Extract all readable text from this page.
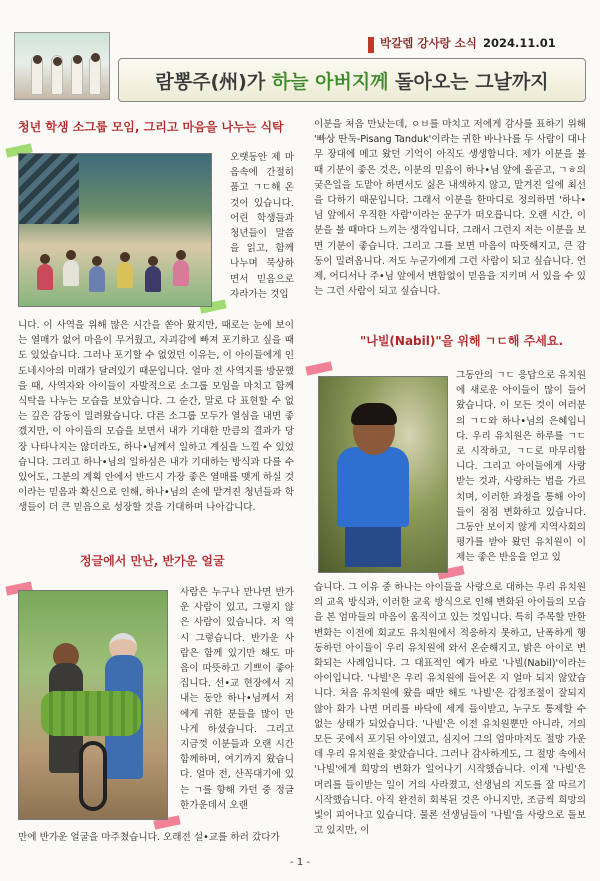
박갈렙 강사랑 소식 2024.11.01
람뽕주(州)가 하늘 아버지께 돌아오는 그날까지
청년 학생 소그룹 모임, 그리고 마음을 나누는 식탁
오랫동안 제 마음속에 간절히 품고 ㄱㄷ해 온 것이 있습니다. 어린 학생들과 청년들이 말씀을 읽고, 함께 나누며 묵상하면서 믿음으로 자라가는 것입
니다. 이 사역을 위해 많은 시간을 쏟아 왔지만, 때로는 눈에 보이는 열매가 없어 마음이 무거웠고, 자괴감에 빠져 포기하고 싶을 때도 있었습니다. 그러나 포기할 수 없었던 이유는, 이 아이들에게 인도네시아의 미래가 달려있기 때문입니다. 얼마 전 사역지를 방문했을 때, 사역자와 아이들이 자발적으로 소그룹 모임을 마치고 함께 식탁을 나누는 모습을 보았습니다. 그 순간, 말로 다 표현할 수 없는 깊은 감동이 밀려왔습니다. 다른 소그룹 모두가 열심을 내면 좋겠지만, 이 아이들의 모습을 보면서 내가 기대한 만큼의 결과가 당장 나타나지는 않더라도, 하나•님께서 일하고 계심을 느낄 수 있었습니다. 그리고 하나•님의 일하심은 내가 기대하는 방식과 다를 수 있어도, 그분의 계획 안에서 반드시 가장 좋은 열매를 맺게 하실 것이라는 믿음과 확신으로 인해, 하나•님의 손에 맡겨진 청년들과 학생들이 더 큰 믿음으로 성장할 것을 기대하며 나아갑니다.
정글에서 만난, 반가운 얼굴
사람은 누구나 만나면 반가운 사람이 있고, 그렇지 않은 사람이 있습니다. 저 역시 그렇습니다. 반가운 사람은 함께 있기만 해도 마음이 따뜻하고 기쁘이 좋아집니다. 선•교 현장에서 지내는 동안 하나•님께서 저에게 귀한 분들을 많이 만나게 하셨습니다. 그리고 지금껏 이분들과 오랜 시간 함께하며, 여기까지 왔습니다. 얼마 전, 산꼭대기에 있는 ㄱ를 향해 가던 중 정글 한가운데서 오랜
만에 반가운 얼굴을 마주쳤습니다. 오래전 설•교를 하러 갔다가
이분을 처음 만났는데, ㅇㅂ를 마치고 저에게 감사를 표하기 위해 '빠상 딴둑-Pisang Tanduk'이라는 귀한 바나나를 두 사람이 대나무 장대에 메고 왔던 기억이 아직도 생생합니다. 제가 이분을 볼 때 기분이 좋은 것은, 이분의 믿음이 하나•님 앞에 올곧고, ㄱㅎ의 궂은일을 도맡아 하면서도 싫은 내색하지 않고, 맡겨진 일에 최선을 다하기 때문입니다. 그래서 이분을 한마디로 정의하면 '하나•님 앞에서 우직한 사람'이라는 문구가 떠오릅니다. 오랜 시간, 이분을 볼 때마다 느끼는 생각입니다. 그래서 그런지 저는 이분을 보면 기분이 좋습니다. 그리고 그를 보면 마음이 따뜻해지고, 큰 감동이 밀려옵니다. 저도 누군가에게 그런 사람이 되고 싶습니다. 언제, 어디서나 주•님 앞에서 변함없이 믿음을 지키며 서 있을 수 있는 그런 사람이 되고 싶습니다.
"나빌(Nabil)"을 위해 ㄱㄷ해 주세요.
그동안의 ㄱㄷ 응답으로 유치원에 새로운 아이들이 많이 들어왔습니다. 이 모든 것이 여러분의 ㄱㄷ와 하나•님의 은혜입니다. 우리 유치원은 하루를 ㄱㄷ로 시작하고, ㄱㄷ로 마무리합니다. 그리고 아이들에게 사랑받는 것과, 사랑하는 법을 가르치며, 이러한 과정을 통해 아이들이 점점 변화하고 있습니다. 그동안 보이지 않게 지역사회의 평가를 받아 왔던 유치원이 이제는 좋은 반응을 얻고 있
습니다. 그 이유 중 하나는 아이들을 사랑으로 대하는 우리 유치원의 교육 방식과, 이러한 교육 방식으로 인해 변화된 아이들의 모습을 본 엄마들의 마음이 움직이고 있는 것입니다. 특히 주목할 만한 변화는 이전에 회교도 유치원에서 적응하지 못하고, 난폭하게 행동하던 아이들이 우리 유치원에 와서 온순해지고, 밝은 아이로 변화되는 사례입니다. 그 대표적인 예가 바로 '나빌(Nabil)'이라는 아이입니다. '나빌'은 우리 유치원에 들어온 지 얼마 되지 않았습니다. 처음 유치원에 왔을 때만 해도 '나빌'은 감정조절이 잘되지 않아 화가 나면 머리를 바닥에 세게 들이받고, 누구도 통제할 수 없는 상태가 되었습니다. '나빌'은 이전 유치원뿐만 아니라, 거의 모든 곳에서 포기된 아이였고, 심지어 그의 엄마마저도 절망 가운데 우리 유치원을 찾았습니다. 그러나 감사하게도, 그 절망 속에서 '나빌'에게 희망의 변화가 일어나기 시작했습니다. 이제 '나빌'은 머리를 들이받는 일이 거의 사라졌고, 선생님의 지도를 잘 따르기 시작했습니다. 아직 완전히 회복된 것은 아니지만, 조금씩 희망의 빛이 피어나고 있습니다. 물론 선생님들이 '나빌'을 사랑으로 돌보고 있지만, 이
- 1 -
